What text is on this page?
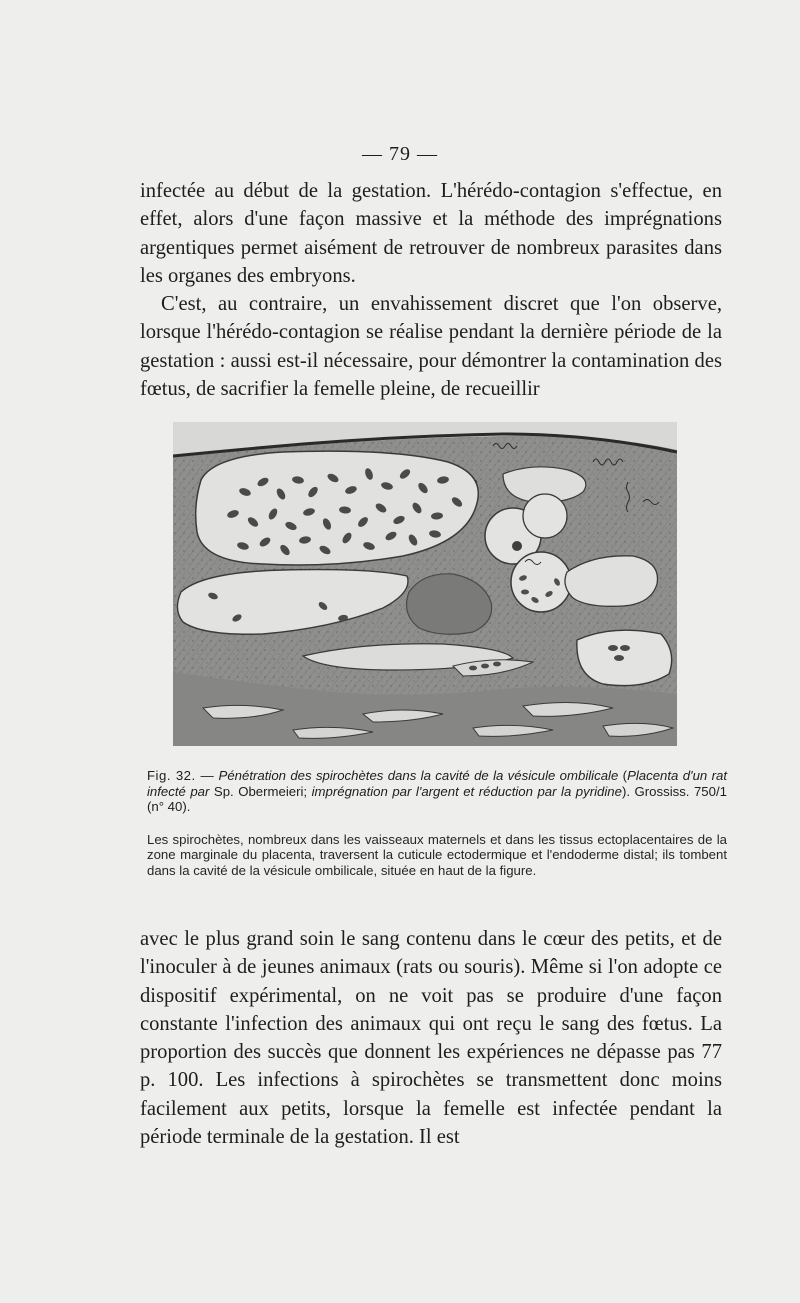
— 79 —

infectée au début de la gestation. L'hérédo-contagion s'effectue, en effet, alors d'une façon massive et la méthode des imprégnations argentiques permet aisément de retrouver de nombreux parasites dans les organes des embryons.

C'est, au contraire, un envahissement discret que l'on observe, lorsque l'hérédo-contagion se réalise pendant la dernière période de la gestation : aussi est-il nécessaire, pour démontrer la contamination des fœtus, de sacrifier la femelle pleine, de recueillir

Fig. 32. — Pénétration des spirochètes dans la cavité de la vésicule ombilicale (Placenta d'un rat infecté par Sp. Obermeieri; imprégnation par l'argent et réduction par la pyridine). Grossiss. 750/1 (n° 40).

Les spirochètes, nombreux dans les vaisseaux maternels et dans les tissus ectoplacentaires de la zone marginale du placenta, traversent la cuticule ectodermique et l'endoderme distal; ils tombent dans la cavité de la vésicule ombilicale, située en haut de la figure.

avec le plus grand soin le sang contenu dans le cœur des petits, et de l'inoculer à de jeunes animaux (rats ou souris). Même si l'on adopte ce dispositif expérimental, on ne voit pas se produire d'une façon constante l'infection des animaux qui ont reçu le sang des fœtus. La proportion des succès que donnent les expériences ne dépasse pas 77 p. 100. Les infections à spirochètes se transmettent donc moins facilement aux petits, lorsque la femelle est infectée pendant la période terminale de la gestation. Il est
